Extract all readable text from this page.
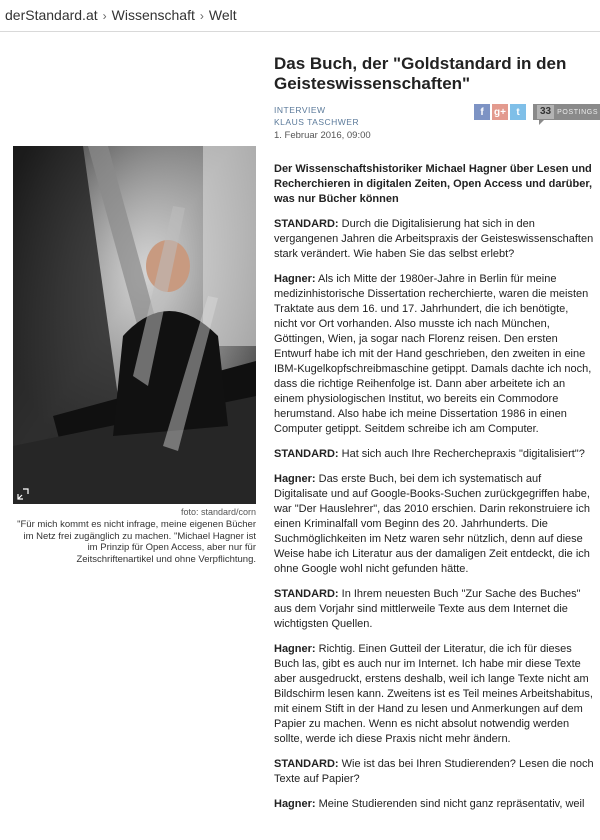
derStandard.at › Wissenschaft › Welt
foto: standard/corn
"Für mich kommt es nicht infrage, meine eigenen Bücher im Netz frei zugänglich zu machen. "Michael Hagner ist im Prinzip für Open Access, aber nur für Zeitschriftenartikel und ohne Verpflichtung.
Das Buch, der "Goldstandard in den Geisteswissenschaften"
INTERVIEW
KLAUS TASCHWER
1. Februar 2016, 09:00
f	g+	t	33 POSTINGS

Der Wissenschaftshistoriker Michael Hagner über Lesen und Recherchieren in digitalen Zeiten, Open Access und darüber, was nur Bücher können

STANDARD: Durch die Digitalisierung hat sich in den vergangenen Jahren die Arbeitspraxis der Geisteswissenschaften stark verändert. Wie haben Sie das selbst erlebt?

Hagner: Als ich Mitte der 1980er-Jahre in Berlin für meine medizinhistorische Dissertation recherchierte, waren die meisten Traktate aus dem 16. und 17. Jahrhundert, die ich benötigte, nicht vor Ort vorhanden. Also musste ich nach München, Göttingen, Wien, ja sogar nach Florenz reisen. Den ersten Entwurf habe ich mit der Hand geschrieben, den zweiten in eine IBM-Kugelkopfschreibmaschine getippt. Damals dachte ich noch, dass die richtige Reihenfolge ist. Dann aber arbeitete ich an einem physiologischen Institut, wo bereits ein Commodore herumstand. Also habe ich meine Dissertation 1986 in einen Computer getippt. Seitdem schreibe ich am Computer.

STANDARD: Hat sich auch Ihre Recherchepraxis "digitalisiert"?

Hagner: Das erste Buch, bei dem ich systematisch auf Digitalisate und auf Google-Books-Suchen zurückgegriffen habe, war "Der Hauslehrer", das 2010 erschien. Darin rekonstruiere ich einen Kriminalfall vom Beginn des 20. Jahrhunderts. Die Suchmöglichkeiten im Netz waren sehr nützlich, denn auf diese Weise habe ich Literatur aus der damaligen Zeit entdeckt, die ich ohne Google wohl nicht gefunden hätte.

STANDARD: In Ihrem neuesten Buch "Zur Sache des Buches" aus dem Vorjahr sind mittlerweile Texte aus dem Internet die wichtigsten Quellen.

Hagner: Richtig. Einen Gutteil der Literatur, die ich für dieses Buch las, gibt es auch nur im Internet. Ich habe mir diese Texte aber ausgedruckt, erstens deshalb, weil ich lange Texte nicht am Bildschirm lesen kann. Zweitens ist es Teil meines Arbeitshabitus, mit einem Stift in der Hand zu lesen und Anmerkungen auf dem Papier zu machen. Wenn es nicht absolut notwendig werden sollte, werde ich diese Praxis nicht mehr ändern.

STANDARD: Wie ist das bei Ihren Studierenden? Lesen die noch Texte auf Papier?

Hagner: Meine Studierenden sind nicht ganz repräsentativ, weil
